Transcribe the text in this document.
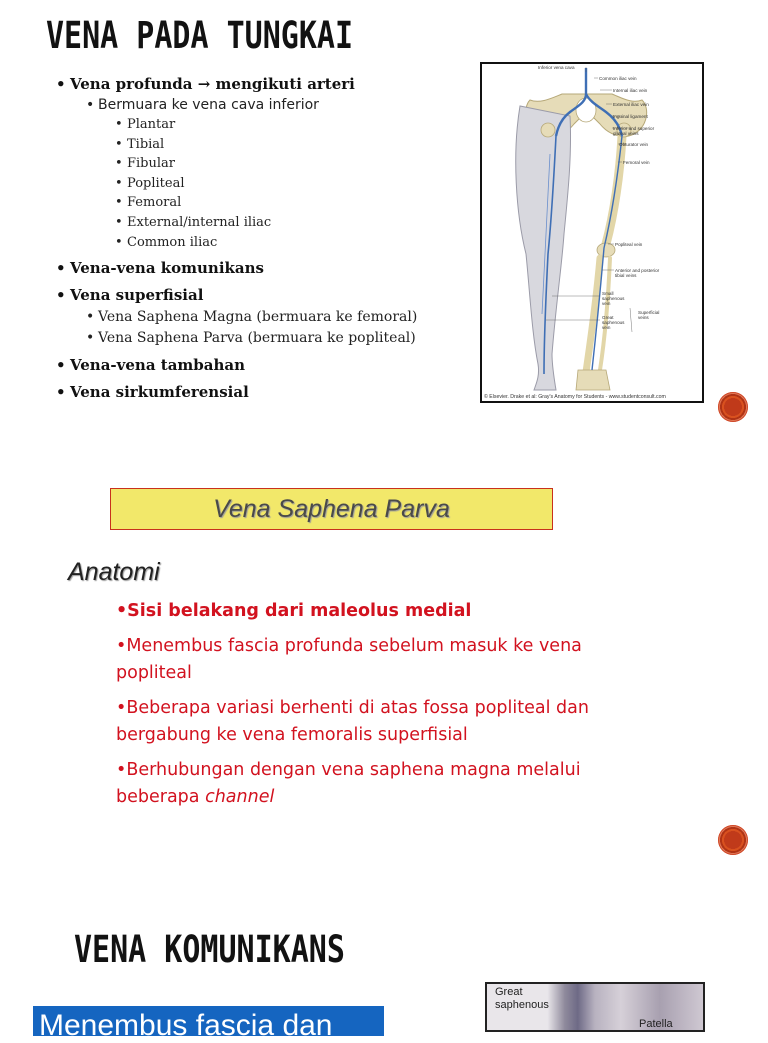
VENA PADA TUNGKAI
• Vena profunda → mengikuti arteri
• Bermuara ke vena cava inferior
• Plantar
• Tibial
• Fibular
• Popliteal
• Femoral
• External/internal iliac
• Common iliac
• Vena-vena komunikans
• Vena superfisial
• Vena Saphena Magna (bermuara ke femoral)
• Vena Saphena Parva (bermuara ke popliteal)
• Vena-vena tambahan
• Vena sirkumferensial
Inferior vena cava
Common iliac vein
Internal iliac vein
External iliac vein
Inguinal ligament
Inferior and superior
gluteal veins
Obturator vein
Femoral vein
Popliteal vein
Anterior and posterior
tibial veins
Small
saphenous
vein
Great
saphenous
vein
Superficial
veins
© Elsevier. Drake et al: Gray's Anatomy for Students - www.studentconsult.com
Vena Saphena Parva
Anatomi

•Sisi belakang dari maleolus medial

•Menembus fascia profunda sebelum masuk ke vena popliteal

•Beberapa variasi berhenti di atas fossa popliteal dan bergabung ke vena femoralis superfisial

•Berhubungan dengan vena saphena magna melalui beberapa channel

VENA KOMUNIKANS
Menembus fascia dan
Great
saphenous
Patella
